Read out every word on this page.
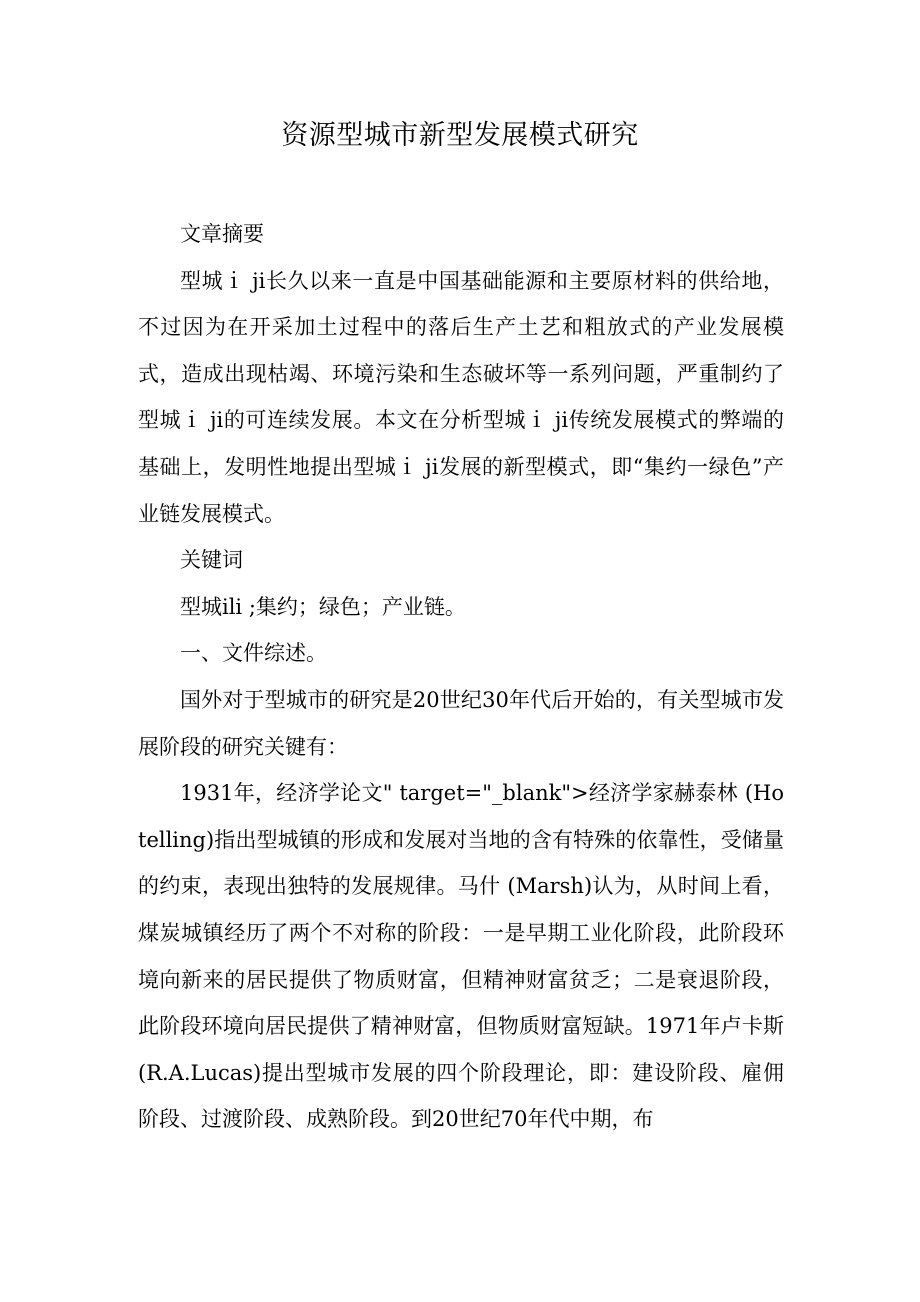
资源型城市新型发展模式研究

文章摘要

型城ｉ ji长久以来一直是中国基础能源和主要原材料的供给地，不过因为在开采加土过程中的落后生产土艺和粗放式的产业发展模式，造成出现枯竭、环境污染和生态破坏等一系列问题，严重制约了型城ｉ ji的可连续发展。本文在分析型城ｉ ji传统发展模式的弊端的基础上，发明性地提出型城ｉ ji发展的新型模式，即“集约一绿色”产业链发展模式。

关键词

型城ili ;集约；绿色；产业链。

一、文件综述。

国外对于型城市的研究是20世纪30年代后开始的，有关型城市发展阶段的研究关键有：

1931年，经济学论文" target="_blank">经济学家赫泰林 (Hotelling)指出型城镇的形成和发展对当地的含有特殊的依靠性，受储量的约束，表现出独特的发展规律。马什 (Marsh)认为，从时间上看，煤炭城镇经历了两个不对称的阶段：一是早期工业化阶段，此阶段环境向新来的居民提供了物质财富，但精神财富贫乏；二是衰退阶段，此阶段环境向居民提供了精神财富，但物质财富短缺。1971年卢卡斯 (R.A.Lucas)提出型城市发展的四个阶段理论，即：建设阶段、雇佣阶段、过渡阶段、成熟阶段。到20世纪70年代中期，布
